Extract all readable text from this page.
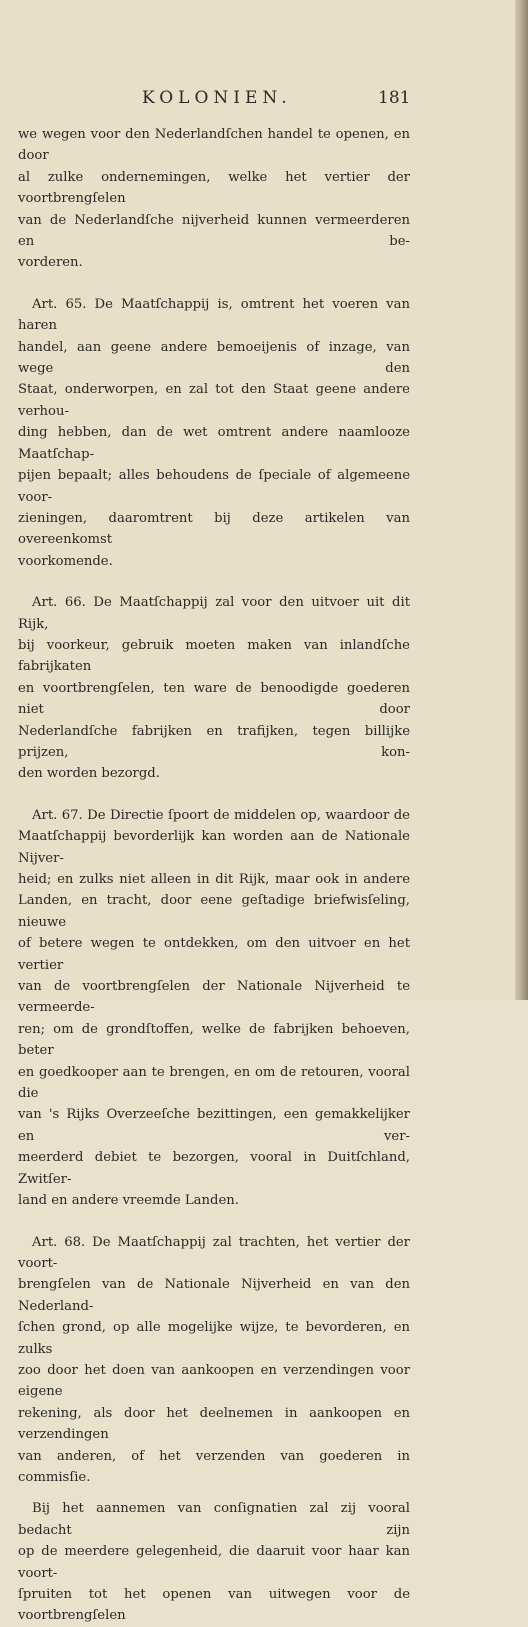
KOLONIEN.	181
we wegen voor den Nederlandſchen handel te openen, en door
al zulke ondernemingen, welke het vertier der voortbrengſelen
van de Nederlandſche nijverheid kunnen vermeerderen en be-
vorderen.
Art. 65. De Maatſchappij is, omtrent het voeren van haren
handel, aan geene andere bemoeijenis of inzage, van wege den
Staat, onderworpen, en zal tot den Staat geene andere verhou-
ding hebben, dan de wet omtrent andere naamlooze Maatſchap-
pijen bepaalt; alles behoudens de ſpeciale of algemeene voor-
zieningen, daaromtrent bij deze artikelen van overeenkomst
voorkomende.
Art. 66. De Maatſchappij zal voor den uitvoer uit dit Rijk,
bij voorkeur, gebruik moeten maken van inlandſche fabrijkaten
en voortbrengſelen, ten ware de benoodigde goederen niet door
Nederlandſche fabrijken en trafijken, tegen billijke prijzen, kon-
den worden bezorgd.
Art. 67. De Directie ſpoort de middelen op, waardoor de
Maatſchappij bevorderlijk kan worden aan de Nationale Nijver-
heid; en zulks niet alleen in dit Rijk, maar ook in andere
Landen, en tracht, door eene geſtadige briefwisſeling, nieuwe
of betere wegen te ontdekken, om den uitvoer en het vertier
van de voortbrengſelen der Nationale Nijverheid te vermeerde-
ren; om de grondſtoffen, welke de fabrijken behoeven, beter
en goedkooper aan te brengen, en om de retouren, vooral die
van 's Rijks Overzeeſche bezittingen, een gemakkelijker en ver-
meerderd debiet te bezorgen, vooral in Duitſchland, Zwitſer-
land en andere vreemde Landen.
Art. 68. De Maatſchappij zal trachten, het vertier der voort-
brengſelen van de Nationale Nijverheid en van den Nederland-
ſchen grond, op alle mogelijke wijze, te bevorderen, en zulks
zoo door het doen van aankoopen en verzendingen voor eigene
rekening, als door het deelnemen in aankoopen en verzendingen
van anderen, of het verzenden van goederen in commisſie.
Bij het aannemen van conſignatien zal zij vooral bedacht zijn
op de meerdere gelegenheid, die daaruit voor haar kan voort-
ſpruiten tot het openen van uitwegen voor de voortbrengſelen
